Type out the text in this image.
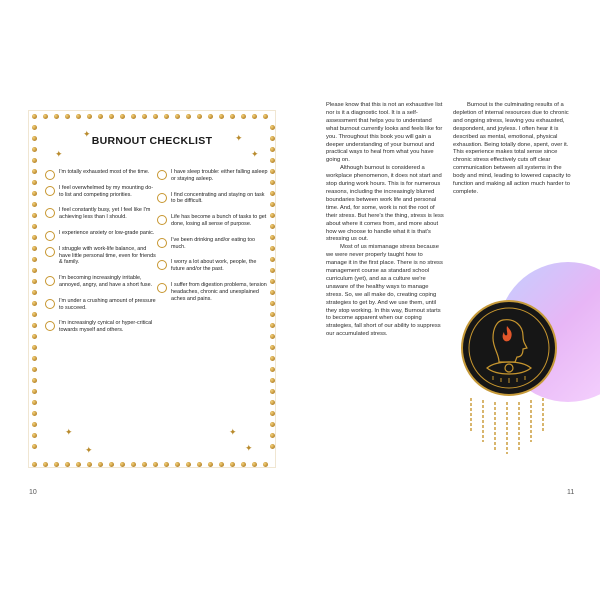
✦
✦
✦
✦
✦
✦
✦
✦
BURNOUT CHECKLIST
I'm totally exhausted most of the time.
I feel overwhelmed by my mounting do-to list and competing priorities.
I feel constantly busy, yet I feel like I'm achieving less than I should.
I experience anxiety or low-grade panic.
I struggle with work-life balance, and have little personal time, even for friends & family.
I'm becoming increasingly irritable, annoyed, angry, and have a short fuse.
I'm under a crushing amount of pressure to succeed.
I'm increasingly cynical or hyper-critical towards myself and others.
I have sleep trouble: either falling asleep or staying asleep.
I find concentrating and staying on task to be difficult.
Life has become a bunch of tasks to get done, losing all sense of purpose.
I've been drinking and/or eating too much.
I worry a lot about work, people, the future and/or the past.
I suffer from digestion problems, tension headaches, chronic and unexplained aches and pains.
10	11

Please know that this is not an exhaustive list nor is it a diagnostic tool. It is a self-assessment that helps you to understand what burnout currently looks and feels like for you. Throughout this book you will gain a deeper understanding of your burnout and practical ways to heal from what you have going on.

Although burnout is considered a workplace phenomenon, it does not start and stop during work hours. This is for numerous reasons, including the increasingly blurred boundaries between work life and personal time. And, for some, work is not the root of their stress. But here's the thing, stress is less about where it comes from, and more about how we choose to handle what it is that's stressing us out.

Most of us mismanage stress because we were never properly taught how to manage it in the first place. There is no stress management course as standard school curriculum (yet), and as a culture we're unaware of the healthy ways to manage stress. So, we all make do, creating coping strategies to get by. And we use them, until they stop working. In this way, Burnout starts to become apparent when our coping strategies, fall short of our ability to suppress our accumulated stress.

Burnout is the culminating results of a depletion of internal resources due to chronic and ongoing stress, leaving you exhausted, despondent, and joyless. I often hear it is described as mental, emotional, physical exhaustion. Being totally done, spent, over it. This experience makes total sense since chronic stress effectively cuts off clear communication between all systems in the body and mind, leading to lowered capacity to function and making all action much harder to complete.
